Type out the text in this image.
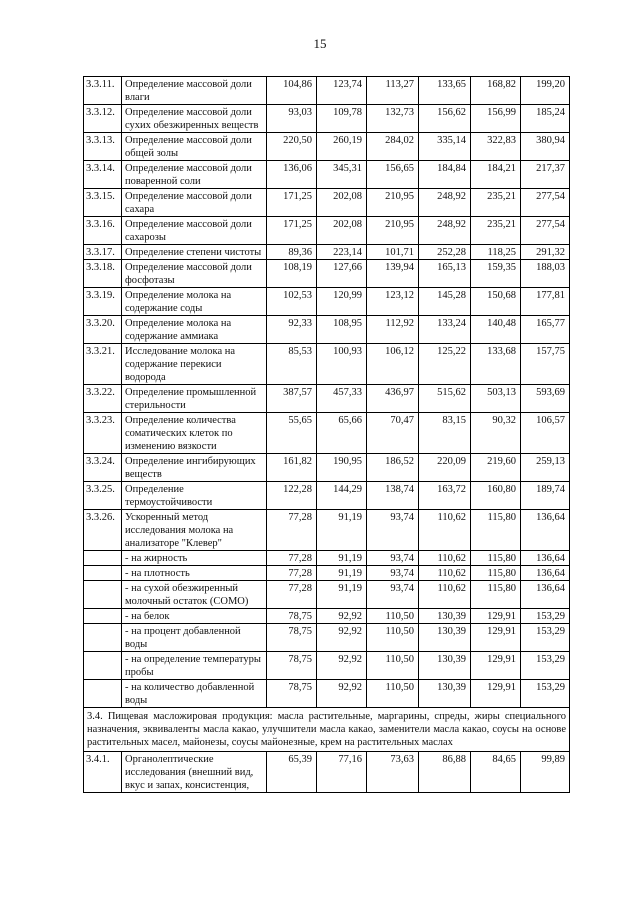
15
3.3.11.	Определение массовой доли влаги	104,86	123,74	113,27	133,65	168,82	199,20
3.3.12.	Определение массовой доли сухих обезжиренных веществ	93,03	109,78	132,73	156,62	156,99	185,24
3.3.13.	Определение массовой доли общей золы	220,50	260,19	284,02	335,14	322,83	380,94
3.3.14.	Определение массовой доли поваренной соли	136,06	345,31	156,65	184,84	184,21	217,37
3.3.15.	Определение массовой доли сахара	171,25	202,08	210,95	248,92	235,21	277,54
3.3.16.	Определение массовой доли сахарозы	171,25	202,08	210,95	248,92	235,21	277,54
3.3.17.	Определение степени чистоты	89,36	223,14	101,71	252,28	118,25	291,32
3.3.18.	Определение массовой доли фосфотазы	108,19	127,66	139,94	165,13	159,35	188,03
3.3.19.	Определение молока на содержание соды	102,53	120,99	123,12	145,28	150,68	177,81
3.3.20.	Определение молока на содержание аммиака	92,33	108,95	112,92	133,24	140,48	165,77
3.3.21.	Исследование молока на содержание перекиси водорода	85,53	100,93	106,12	125,22	133,68	157,75
3.3.22.	Определение промышленной стерильности	387,57	457,33	436,97	515,62	503,13	593,69
3.3.23.	Определение количества соматических клеток по изменению вязкости	55,65	65,66	70,47	83,15	90,32	106,57
3.3.24.	Определение ингибирующих веществ	161,82	190,95	186,52	220,09	219,60	259,13
3.3.25.	Определение термоустойчивости	122,28	144,29	138,74	163,72	160,80	189,74
3.3.26.	Ускоренный метод исследования молока на анализаторе "Клевер"	77,28	91,19	93,74	110,62	115,80	136,64
	- на жирность	77,28	91,19	93,74	110,62	115,80	136,64
	- на плотность	77,28	91,19	93,74	110,62	115,80	136,64
	- на сухой обезжиренный молочный остаток (СОМО)	77,28	91,19	93,74	110,62	115,80	136,64
	- на белок	78,75	92,92	110,50	130,39	129,91	153,29
	- на процент добавленной воды	78,75	92,92	110,50	130,39	129,91	153,29
	- на определение температуры пробы	78,75	92,92	110,50	130,39	129,91	153,29
	- на количество добавленной воды	78,75	92,92	110,50	130,39	129,91	153,29
3.4. Пищевая масложировая продукция: масла растительные, маргарины, спреды, жиры специального назначения, эквиваленты масла какао, улучшители масла какао, заменители масла какао, соусы на основе растительных масел, майонезы, соусы майонезные, крем на растительных маслах							
3.4.1.	Органолептические исследования (внешний вид, вкус и запах, консистенция,	65,39	77,16	73,63	86,88	84,65	99,89
